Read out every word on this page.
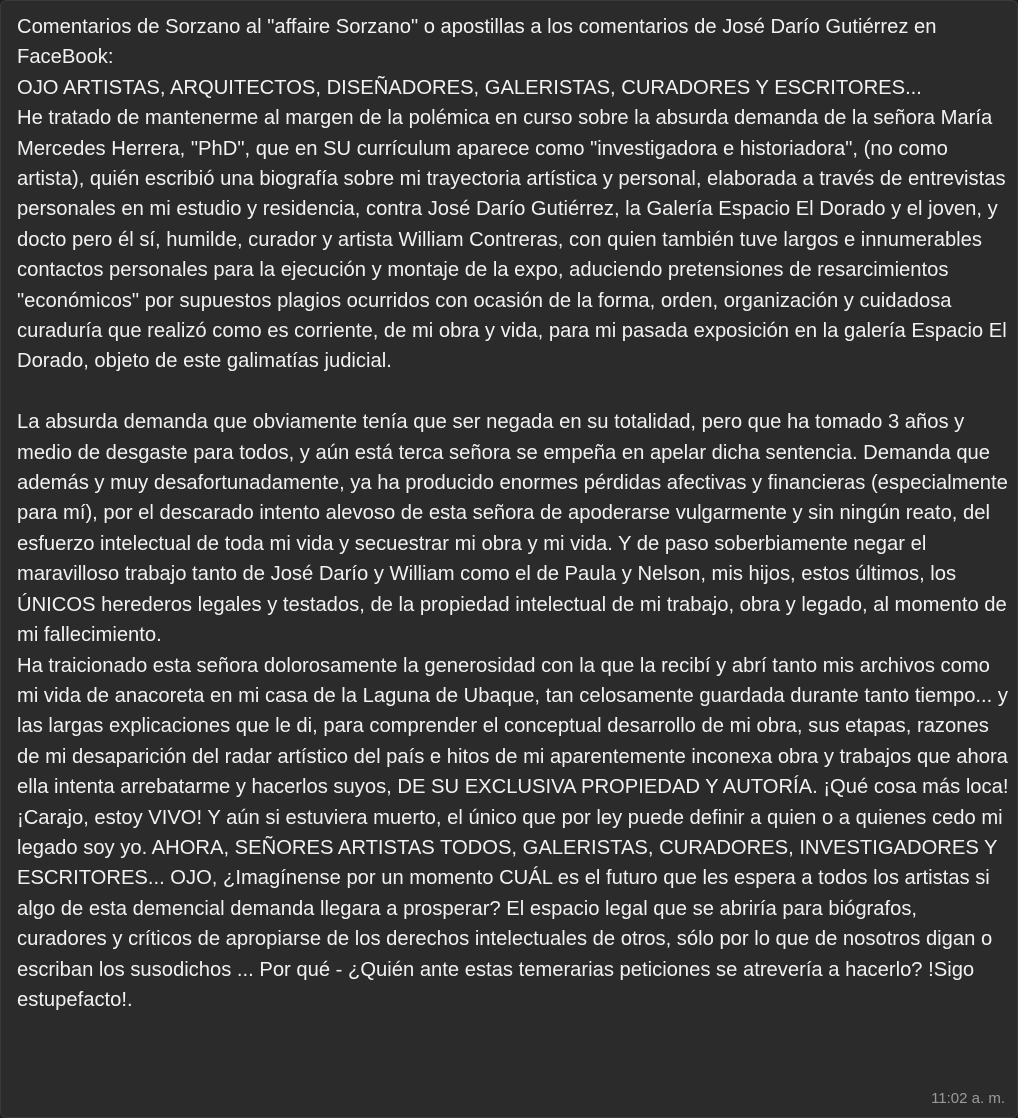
Comentarios de Sorzano al "affaire Sorzano" o apostillas a los comentarios de José Darío Gutiérrez en FaceBook:

OJO ARTISTAS, ARQUITECTOS, DISEÑADORES, GALERISTAS, CURADORES Y ESCRITORES...

He tratado de mantenerme al margen de la polémica en curso sobre la absurda demanda de la señora María Mercedes Herrera, "PhD", que en SU currículum aparece como "investigadora e historiadora", (no como artista), quién escribió una biografía sobre mi trayectoria artística y personal, elaborada a través de entrevistas personales en mi estudio y residencia, contra José Darío Gutiérrez, la Galería Espacio El Dorado y el joven, y docto pero él sí, humilde, curador y artista William Contreras, con quien también tuve largos e innumerables contactos personales para la ejecución y montaje de la expo, aduciendo pretensiones de resarcimientos "económicos" por supuestos plagios ocurridos con ocasión de la forma, orden, organización y cuidadosa curaduría que realizó como es corriente, de mi obra y vida, para mi pasada exposición en la galería Espacio El Dorado, objeto de este galimatías judicial.

La absurda demanda que obviamente tenía que ser negada en su totalidad, pero que ha tomado 3 años y medio de desgaste para todos, y aún está terca señora se empeña en apelar dicha sentencia. Demanda que además y muy desafortunadamente, ya ha producido enormes pérdidas afectivas y financieras (especialmente para mí), por el descarado intento alevoso de esta señora de apoderarse vulgarmente y sin ningún reato, del esfuerzo intelectual de toda mi vida y secuestrar mi obra y mi vida. Y de paso soberbiamente negar el maravilloso trabajo tanto de José Darío y William como el de Paula y Nelson, mis hijos, estos últimos, los ÚNICOS herederos legales y testados, de la propiedad intelectual de mi trabajo, obra y legado, al momento de mi fallecimiento.

Ha traicionado esta señora dolorosamente la generosidad con la que la recibí y abrí tanto mis archivos como mi vida de anacoreta en mi casa de la Laguna de Ubaque, tan celosamente guardada durante tanto tiempo... y las largas explicaciones que le di, para comprender el conceptual desarrollo de mi obra, sus etapas, razones de mi desaparición del radar artístico del país e hitos de mi aparentemente inconexa obra y trabajos que ahora ella intenta arrebatarme y hacerlos suyos, DE SU EXCLUSIVA PROPIEDAD Y AUTORÍA. ¡Qué cosa más loca! ¡Carajo, estoy VIVO! Y aún si estuviera muerto, el único que por ley puede definir a quien o a quienes cedo mi legado soy yo. AHORA, SEÑORES ARTISTAS TODOS, GALERISTAS, CURADORES, INVESTIGADORES Y ESCRITORES... OJO, ¿Imagínense por un momento CUÁL es el futuro que les espera a todos los artistas si algo de esta demencial demanda llegara a prosperar? El espacio legal que se abriría para biógrafos, curadores y críticos de apropiarse de los derechos intelectuales de otros, sólo por lo que de nosotros digan o escriban los susodichos ... Por qué - ¿Quién ante estas temerarias peticiones se atrevería a hacerlo? !Sigo estupefacto!.

11:02 a. m.
